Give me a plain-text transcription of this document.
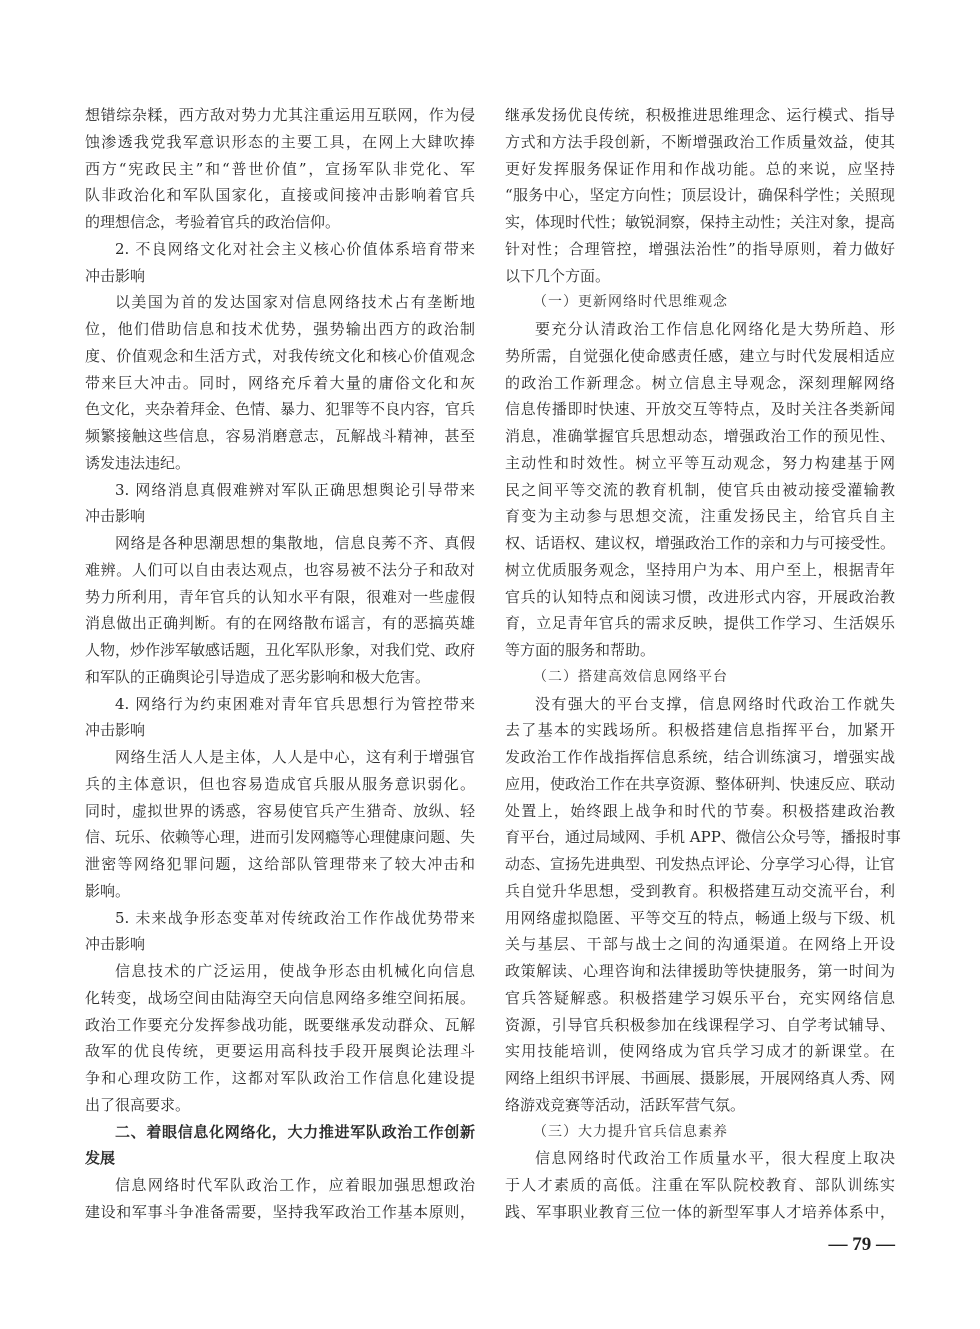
想错综杂糅，西方敌对势力尤其注重运用互联网，作为侵
蚀渗透我党我军意识形态的主要工具，在网上大肆吹捧
西方“宪政民主”和“普世价值”，宣扬军队非党化、军
队非政治化和军队国家化，直接或间接冲击影响着官兵
的理想信念，考验着官兵的政治信仰。
2. 不良网络文化对社会主义核心价值体系培育带来
冲击影响
以美国为首的发达国家对信息网络技术占有垄断地
位，他们借助信息和技术优势，强势输出西方的政治制
度、价值观念和生活方式，对我传统文化和核心价值观念
带来巨大冲击。同时，网络充斥着大量的庸俗文化和灰
色文化，夹杂着拜金、色情、暴力、犯罪等不良内容，官兵
频繁接触这些信息，容易消磨意志，瓦解战斗精神，甚至
诱发违法违纪。
3. 网络消息真假难辨对军队正确思想舆论引导带来
冲击影响
网络是各种思潮思想的集散地，信息良莠不齐、真假
难辨。人们可以自由表达观点，也容易被不法分子和敌对
势力所利用，青年官兵的认知水平有限，很难对一些虚假
消息做出正确判断。有的在网络散布谣言，有的恶搞英雄
人物，炒作涉军敏感话题，丑化军队形象，对我们党、政府
和军队的正确舆论引导造成了恶劣影响和极大危害。
4. 网络行为约束困难对青年官兵思想行为管控带来
冲击影响
网络生活人人是主体，人人是中心，这有利于增强官
兵的主体意识，但也容易造成官兵服从服务意识弱化。
同时，虚拟世界的诱惑，容易使官兵产生猎奇、放纵、轻
信、玩乐、依赖等心理，进而引发网瘾等心理健康问题、失
泄密等网络犯罪问题，这给部队管理带来了较大冲击和
影响。
5. 未来战争形态变革对传统政治工作作战优势带来
冲击影响
信息技术的广泛运用，使战争形态由机械化向信息
化转变，战场空间由陆海空天向信息网络多维空间拓展。
政治工作要充分发挥参战功能，既要继承发动群众、瓦解
敌军的优良传统，更要运用高科技手段开展舆论法理斗
争和心理攻防工作，这都对军队政治工作信息化建设提
出了很高要求。
二、着眼信息化网络化，大力推进军队政治工作创新
发展
信息网络时代军队政治工作，应着眼加强思想政治
建设和军事斗争准备需要，坚持我军政治工作基本原则，
继承发扬优良传统，积极推进思维理念、运行模式、指导
方式和方法手段创新，不断增强政治工作质量效益，使其
更好发挥服务保证作用和作战功能。总的来说，应坚持
“服务中心，坚定方向性；顶层设计，确保科学性；关照现
实，体现时代性；敏锐洞察，保持主动性；关注对象，提高
针对性；合理管控，增强法治性”的指导原则，着力做好
以下几个方面。
（一）更新网络时代思维观念
要充分认清政治工作信息化网络化是大势所趋、形
势所需，自觉强化使命感责任感，建立与时代发展相适应
的政治工作新理念。树立信息主导观念，深刻理解网络
信息传播即时快速、开放交互等特点，及时关注各类新闻
消息，准确掌握官兵思想动态，增强政治工作的预见性、
主动性和时效性。树立平等互动观念，努力构建基于网
民之间平等交流的教育机制，使官兵由被动接受灌输教
育变为主动参与思想交流，注重发扬民主，给官兵自主
权、话语权、建议权，增强政治工作的亲和力与可接受性。
树立优质服务观念，坚持用户为本、用户至上，根据青年
官兵的认知特点和阅读习惯，改进形式内容，开展政治教
育，立足青年官兵的需求反映，提供工作学习、生活娱乐
等方面的服务和帮助。
（二）搭建高效信息网络平台
没有强大的平台支撑，信息网络时代政治工作就失
去了基本的实践场所。积极搭建信息指挥平台，加紧开
发政治工作作战指挥信息系统，结合训练演习，增强实战
应用，使政治工作在共享资源、整体研判、快速反应、联动
处置上，始终跟上战争和时代的节奏。积极搭建政治教
育平台，通过局域网、手机 APP、微信公众号等，播报时事
动态、宣扬先进典型、刊发热点评论、分享学习心得，让官
兵自觉升华思想，受到教育。积极搭建互动交流平台，利
用网络虚拟隐匿、平等交互的特点，畅通上级与下级、机
关与基层、干部与战士之间的沟通渠道。在网络上开设
政策解读、心理咨询和法律援助等快捷服务，第一时间为
官兵答疑解惑。积极搭建学习娱乐平台，充实网络信息
资源，引导官兵积极参加在线课程学习、自学考试辅导、
实用技能培训，使网络成为官兵学习成才的新课堂。在
网络上组织书评展、书画展、摄影展，开展网络真人秀、网
络游戏竞赛等活动，活跃军营气氛。
（三）大力提升官兵信息素养
信息网络时代政治工作质量水平，很大程度上取决
于人才素质的高低。注重在军队院校教育、部队训练实
践、军事职业教育三位一体的新型军事人才培养体系中，
— 79 —
